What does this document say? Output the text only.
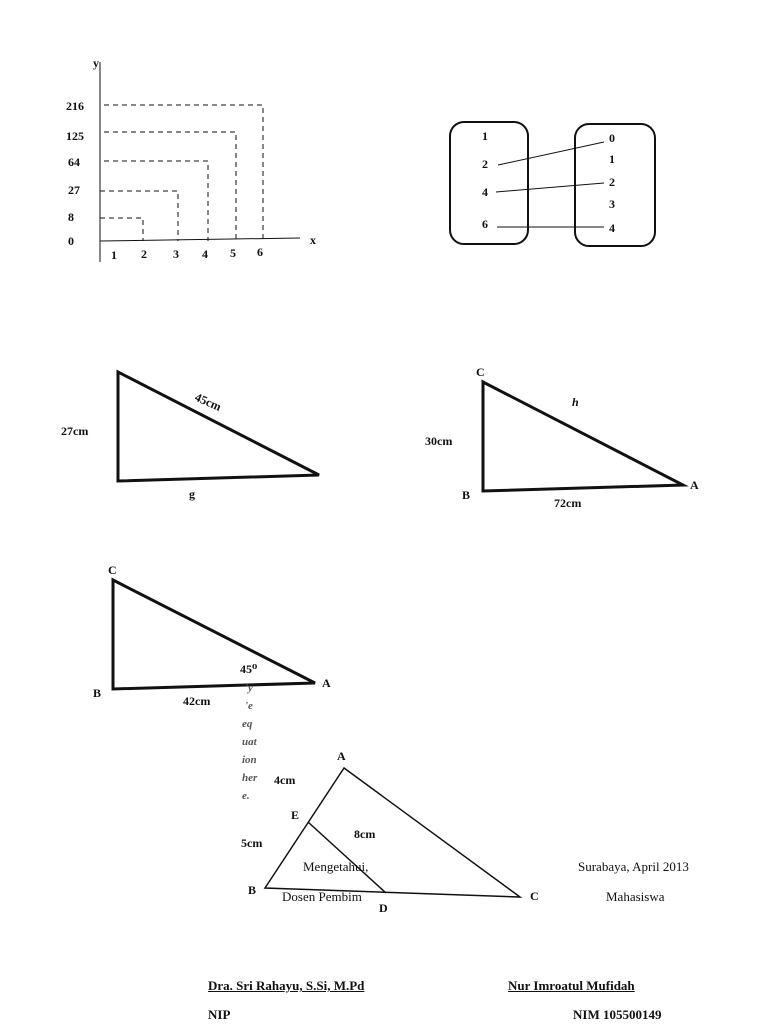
y
x
216
125
64
27
8
0
1 2 3 4 5 6
1
2
4
6
0
1
2
3
4
27cm
45cm
g
C
B
A
30cm
h
72cm
C
B
A
45⁰
42cm
'y
'e
eq
uat
ion
her
e.
A
B	C
D
E
4cm
5cm
8cm
Mengetahui,
Dosen Pembim
Surabaya, April 2013
Mahasiswa
Dra. Sri Rahayu, S.Si, M.Pd	Nur Imroatul Mufidah
NIP	NIM 105500149
